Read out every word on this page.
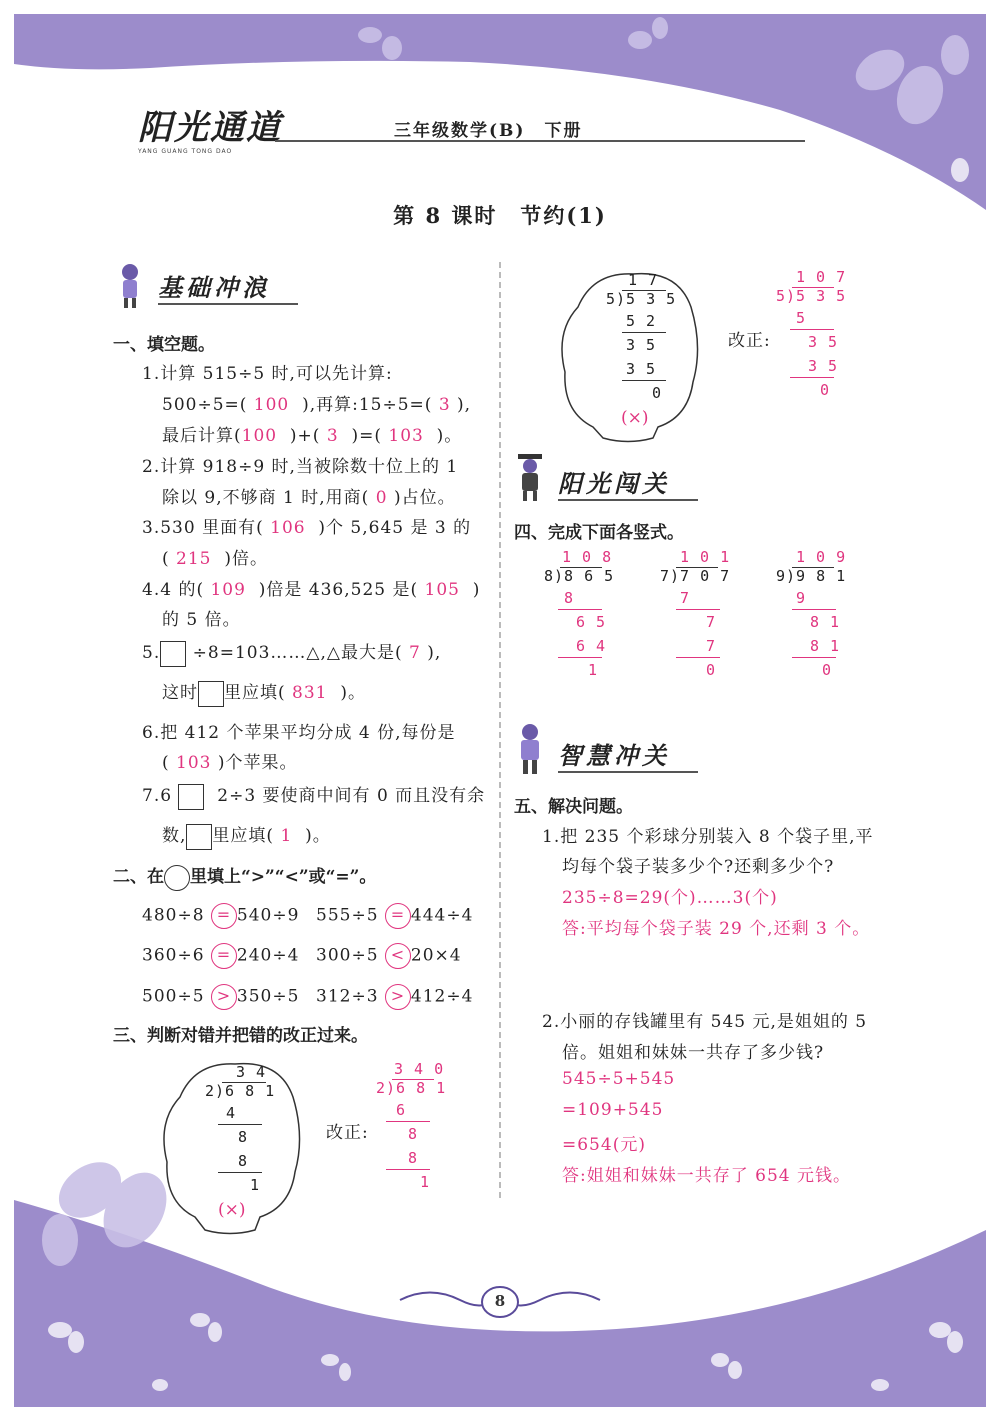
阳光通道
YANG GUANG TONG DAO
三年级数学(B)　下册
第 8 课时　节约(1)
基础冲浪
一、填空题。
1.计算 515÷5 时,可以先计算:
500÷5=( 100 ),再算:15÷5=( 3 ),
最后计算(100 )+( 3 )=( 103 )。
2.计算 918÷9 时,当被除数十位上的 1
除以 9,不够商 1 时,用商( 0 )占位。
3.530 里面有( 106 )个 5,645 是 3 的
( 215 )倍。
4.4 的( 109 )倍是 436,525 是( 105 )
的 5 倍。
5. ÷8=103……△,△最大是( 7 ),
这时 里应填( 831 )。
6.把 412 个苹果平均分成 4 份,每份是
( 103 )个苹果。
7.6	2÷3 要使商中间有 0 而且没有余
数, 里应填( 1 )。
二、在 里填上“>”“<”或“=”。
480÷8 = 540÷9 555÷5 = 444÷4
360÷6 = 240÷4 300÷5 < 20×4
500÷5 > 350÷5 312÷3 > 412÷4
三、判断对错并把错的改正过来。
3 4
2)6 8 1
4
8
8
1
(×)
改正:
3 4 0
2)6 8 1
6
8
8
1
1 7
5)5 3 5
5 2
3 5
3 5
0
(×)
改正:
1 0 7
5)5 3 5
5
3 5
3 5
0
阳光闯关
四、完成下面各竖式。
1 0 8
8)8 6 5
8
6 5
6 4
1
1 0 1
7)7 0 7
7
7
7
0
1 0 9
9)9 8 1
9
8 1
8 1
0
智慧冲关
五、解决问题。
1.把 235 个彩球分别装入 8 个袋子里,平
均每个袋子装多少个?还剩多少个?
235÷8=29(个)……3(个)
答:平均每个袋子装 29 个,还剩 3 个。
2.小丽的存钱罐里有 545 元,是姐姐的 5
倍。姐姐和妹妹一共存了多少钱?
545÷5+545
=109+545
=654(元)
答:姐姐和妹妹一共存了 654 元钱。
8
